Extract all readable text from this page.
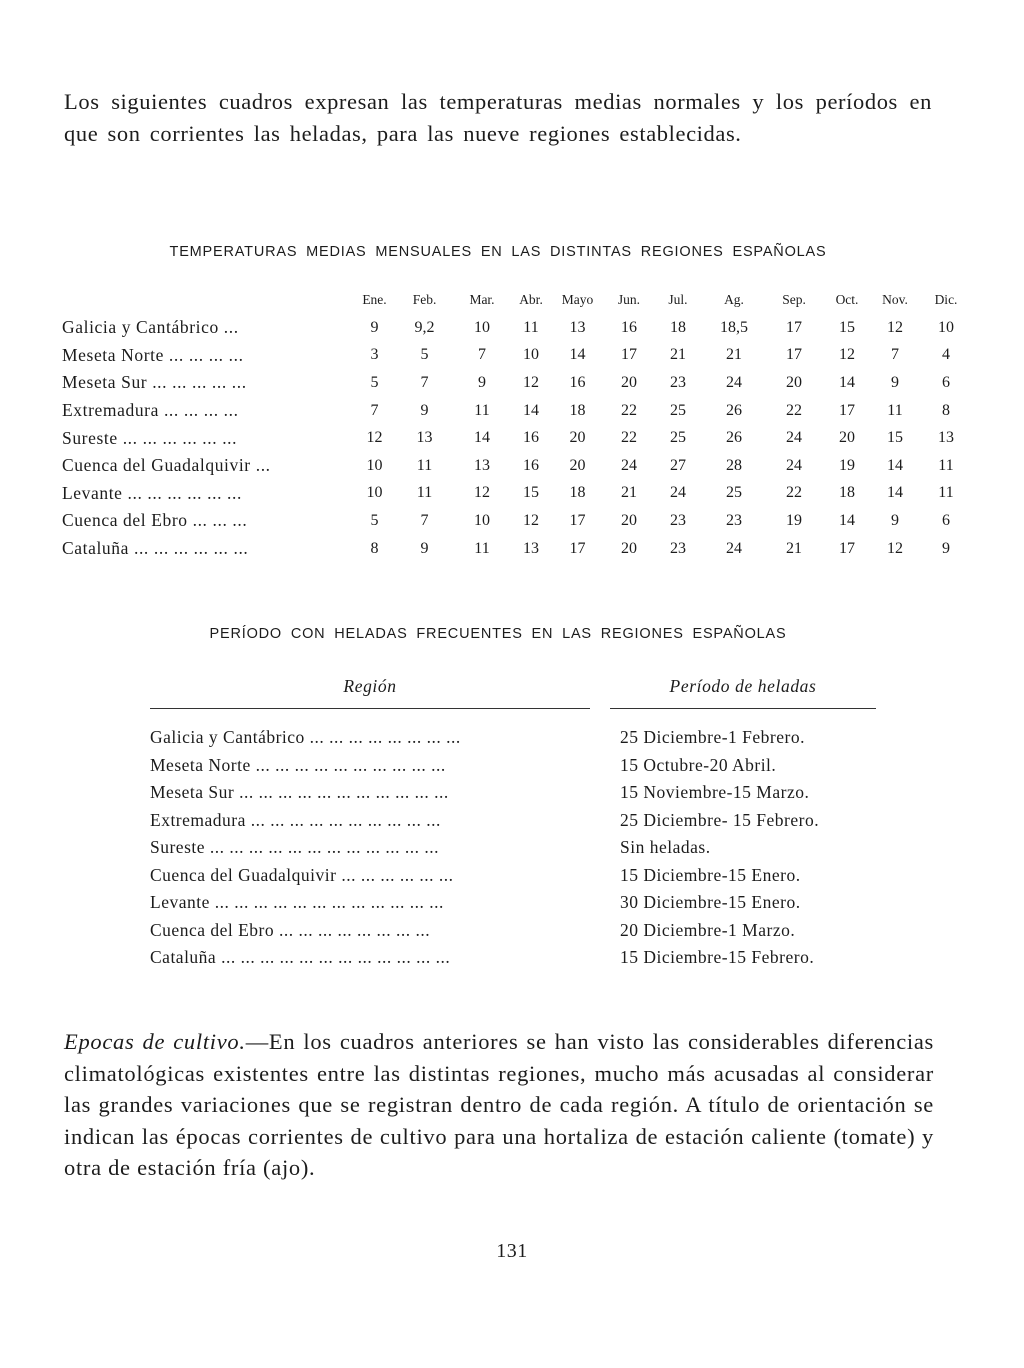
Los siguientes cuadros expresan las temperaturas medias normales y los períodos en que son corrientes las heladas, para las nueve regiones establecidas.

TEMPERATURAS MEDIAS MENSUALES EN LAS DISTINTAS REGIONES ESPAÑOLAS
	Ene.	Feb.	Mar.	Abr.	Mayo	Jun.	Jul.	Ag.	Sep.	Oct.	Nov.	Dic.
Galicia y Cantábrico ...	9	9,2	10	11	13	16	18	18,5	17	15	12	10
Meseta Norte ... ... ... ...	3	5	7	10	14	17	21	21	17	12	7	4
Meseta Sur ... ... ... ... ...	5	7	9	12	16	20	23	24	20	14	9	6
Extremadura ... ... ... ...	7	9	11	14	18	22	25	26	22	17	11	8
Sureste ... ... ... ... ... ...	12	13	14	16	20	22	25	26	24	20	15	13
Cuenca del Guadalquivir ...	10	11	13	16	20	24	27	28	24	19	14	11
Levante ... ... ... ... ... ...	10	11	12	15	18	21	24	25	22	18	14	11
Cuenca del Ebro ... ... ...	5	7	10	12	17	20	23	23	19	14	9	6
Cataluña ... ... ... ... ... ...	8	9	11	13	17	20	23	24	21	17	12	9
PERÍODO CON HELADAS FRECUENTES EN LAS REGIONES ESPAÑOLAS
Región	Período de heladas
Galicia y Cantábrico ... ... ... ... ... ... ... ...	25 Diciembre-1 Febrero.
Meseta Norte ... ... ... ... ... ... ... ... ... ...	15 Octubre-20 Abril.
Meseta Sur ... ... ... ... ... ... ... ... ... ... ...	15 Noviembre-15 Marzo.
Extremadura ... ... ... ... ... ... ... ... ... ...	25 Diciembre- 15 Febrero.
Sureste ... ... ... ... ... ... ... ... ... ... ... ...	Sin heladas.
Cuenca del Guadalquivir ... ... ... ... ... ...	15 Diciembre-15 Enero.
Levante ... ... ... ... ... ... ... ... ... ... ... ...	30 Diciembre-15 Enero.
Cuenca del Ebro ... ... ... ... ... ... ... ...	20 Diciembre-1 Marzo.
Cataluña ... ... ... ... ... ... ... ... ... ... ... ...	15 Diciembre-15 Febrero.

Epocas de cultivo.—En los cuadros anteriores se han visto las considerables diferencias climatológicas existentes entre las distintas regiones, mucho más acusadas al considerar las grandes variaciones que se registran dentro de cada región. A título de orientación se indican las épocas corrientes de cultivo para una hortaliza de estación caliente (tomate) y otra de estación fría (ajo).

131
